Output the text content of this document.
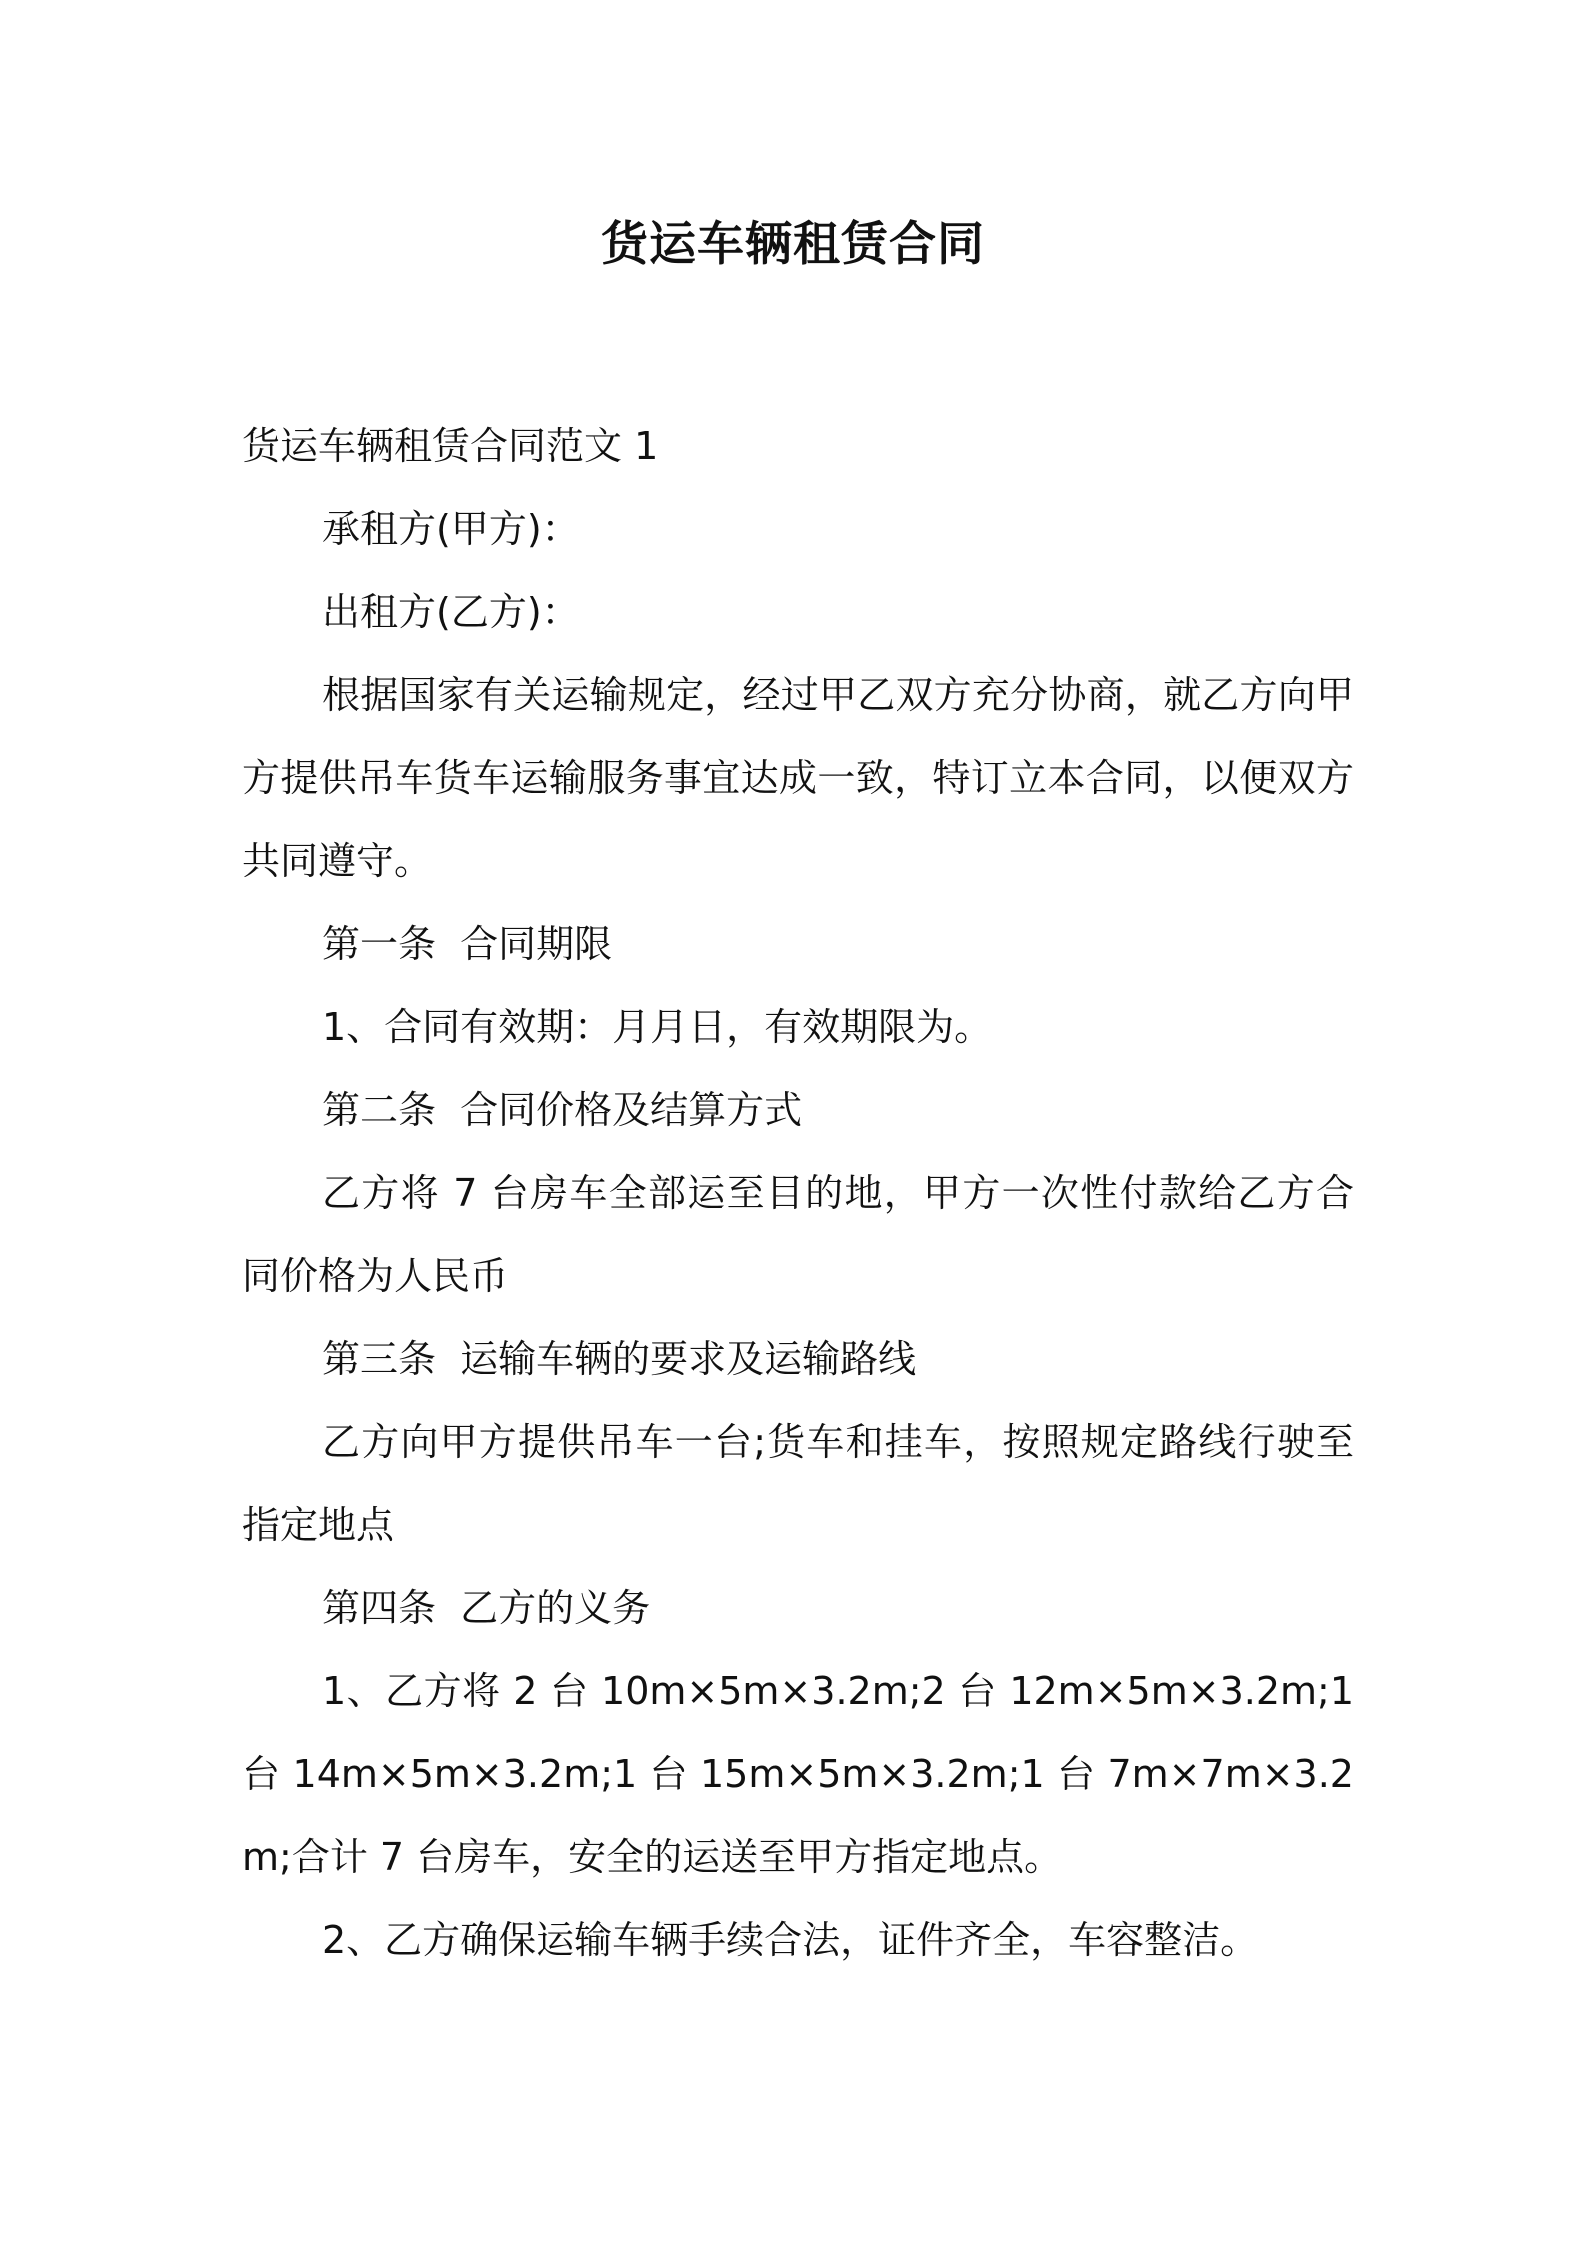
货运车辆租赁合同

货运车辆租赁合同范文 1

承租方(甲方)：

出租方(乙方)：

根据国家有关运输规定，经过甲乙双方充分协商，就乙方向甲方提供吊车货车运输服务事宜达成一致，特订立本合同，以便双方共同遵守。

第一条  合同期限

1、合同有效期：月月日，有效期限为。

第二条  合同价格及结算方式

乙方将 7 台房车全部运至目的地，甲方一次性付款给乙方合同价格为人民币

第三条  运输车辆的要求及运输路线

乙方向甲方提供吊车一台;货车和挂车，按照规定路线行驶至指定地点

第四条  乙方的义务

1、乙方将 2 台 10m×5m×3.2m;2 台 12m×5m×3.2m;1 台 14m×5m×3.2m;1 台 15m×5m×3.2m;1 台 7m×7m×3.2m;合计 7 台房车，安全的运送至甲方指定地点。

2、乙方确保运输车辆手续合法，证件齐全，车容整洁。
